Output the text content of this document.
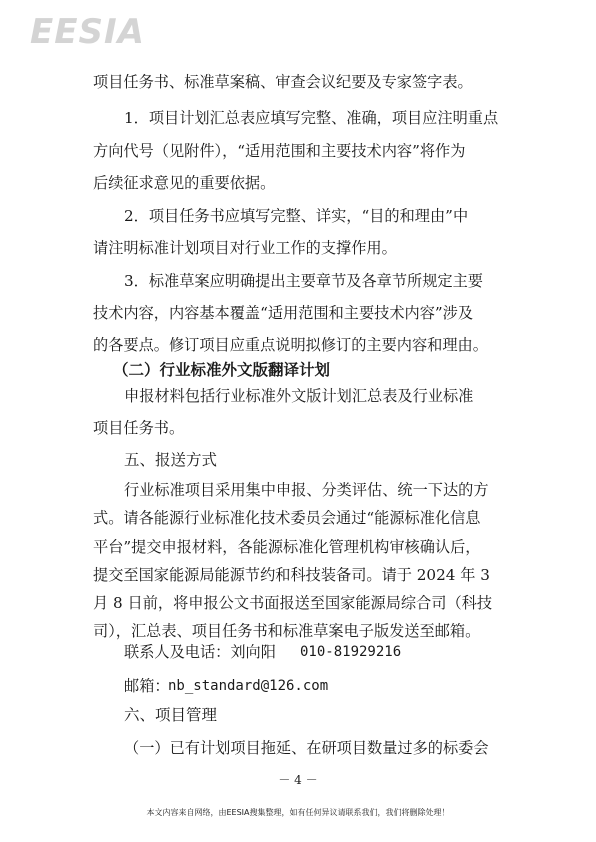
EESIA
项目任务书、标准草案稿、审查会议纪要及专家签字表。
1．项目计划汇总表应填写完整、准确，项目应注明重点
方向代号（见附件），“适用范围和主要技术内容”将作为
后续征求意见的重要依据。
2．项目任务书应填写完整、详实，“目的和理由”中
请注明标准计划项目对行业工作的支撑作用。
3．标准草案应明确提出主要章节及各章节所规定主要
技术内容，内容基本覆盖“适用范围和主要技术内容”涉及
的各要点。修订项目应重点说明拟修订的主要内容和理由。
（二）行业标准外文版翻译计划
申报材料包括行业标准外文版计划汇总表及行业标准
项目任务书。
五、报送方式
行业标准项目采用集中申报、分类评估、统一下达的方
式。请各能源行业标准化技术委员会通过“能源标准化信息
平台”提交申报材料，各能源标准化管理机构审核确认后，
提交至国家能源局能源节约和科技装备司。请于 2024 年 3
月 8 日前，将申报公文书面报送至国家能源局综合司（科技
司），汇总表、项目任务书和标准草案电子版发送至邮箱。
联系人及电话：刘向阳 010-81929216
邮箱：
nb_standard@126.com
六、项目管理
（一）已有计划项目拖延、在研项目数量过多的标委会
－ 4 －
本文内容来自网络，由EESIA搜集整理，如有任何异议请联系我们，我们将删除处理！
